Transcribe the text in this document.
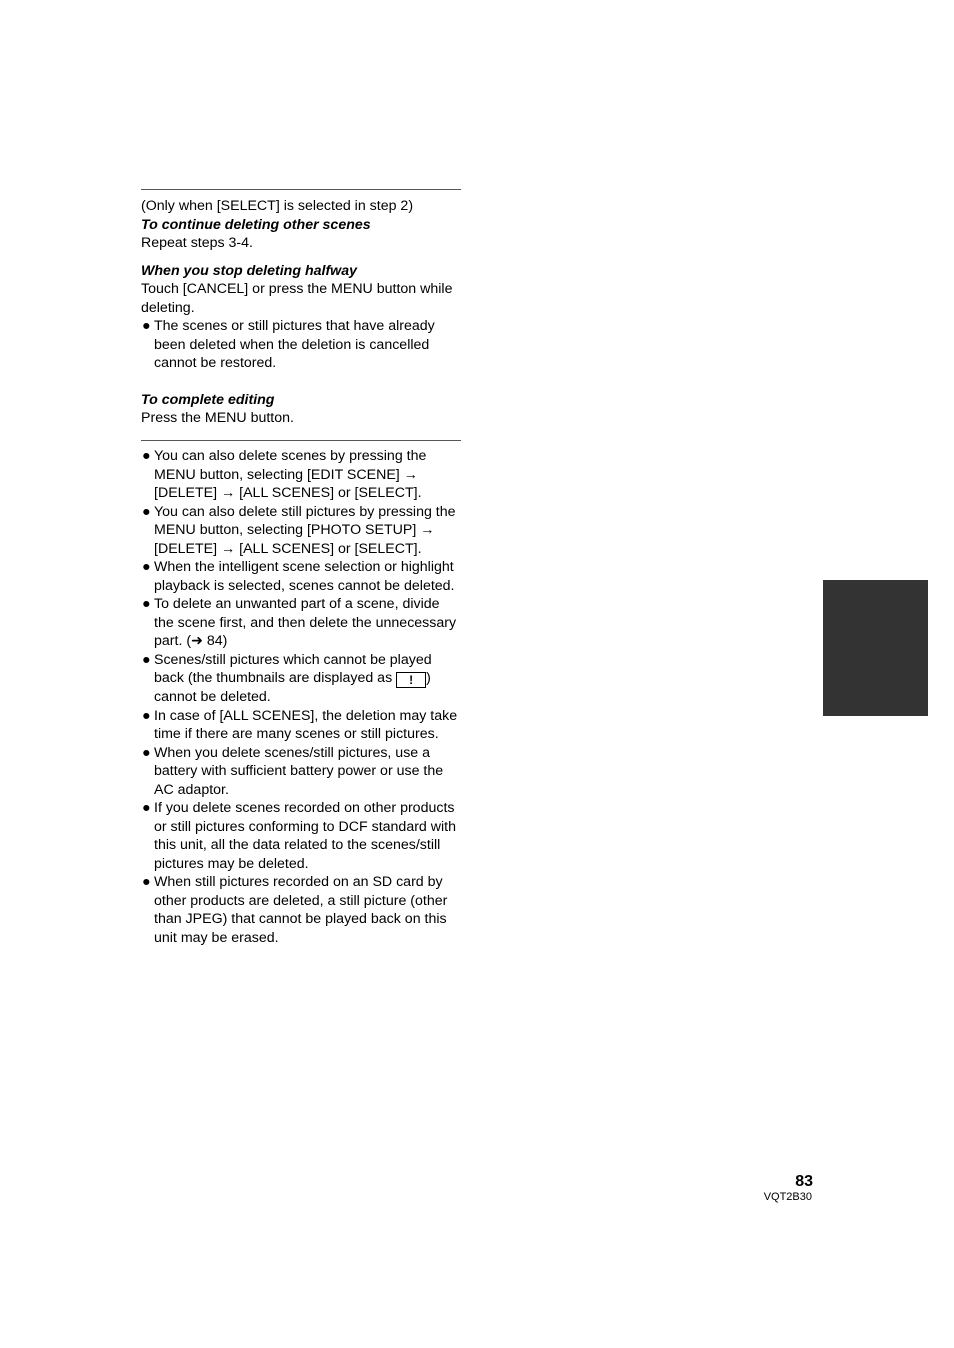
(Only when [SELECT] is selected in step 2)

To continue deleting other scenes

Repeat steps 3-4.

When you stop deleting halfway

Touch [CANCEL] or press the MENU button while deleting.

● The scenes or still pictures that have already been deleted when the deletion is cancelled cannot be restored.

To complete editing

Press the MENU button.

● You can also delete scenes by pressing the MENU button, selecting [EDIT SCENE] → [DELETE] → [ALL SCENES] or [SELECT].
● You can also delete still pictures by pressing the MENU button, selecting [PHOTO SETUP] → [DELETE] → [ALL SCENES] or [SELECT].
● When the intelligent scene selection or highlight playback is selected, scenes cannot be deleted.
● To delete an unwanted part of a scene, divide the scene first, and then delete the unnecessary part. (➜ 84)
● Scenes/still pictures which cannot be played back (the thumbnails are displayed as ! ) cannot be deleted.
● In case of [ALL SCENES], the deletion may take time if there are many scenes or still pictures.
● When you delete scenes/still pictures, use a battery with sufficient battery power or use the AC adaptor.
● If you delete scenes recorded on other products or still pictures conforming to DCF standard with this unit, all the data related to the scenes/still pictures may be deleted.
● When still pictures recorded on an SD card by other products are deleted, a still picture (other than JPEG) that cannot be played back on this unit may be erased.
83
VQT2B30
